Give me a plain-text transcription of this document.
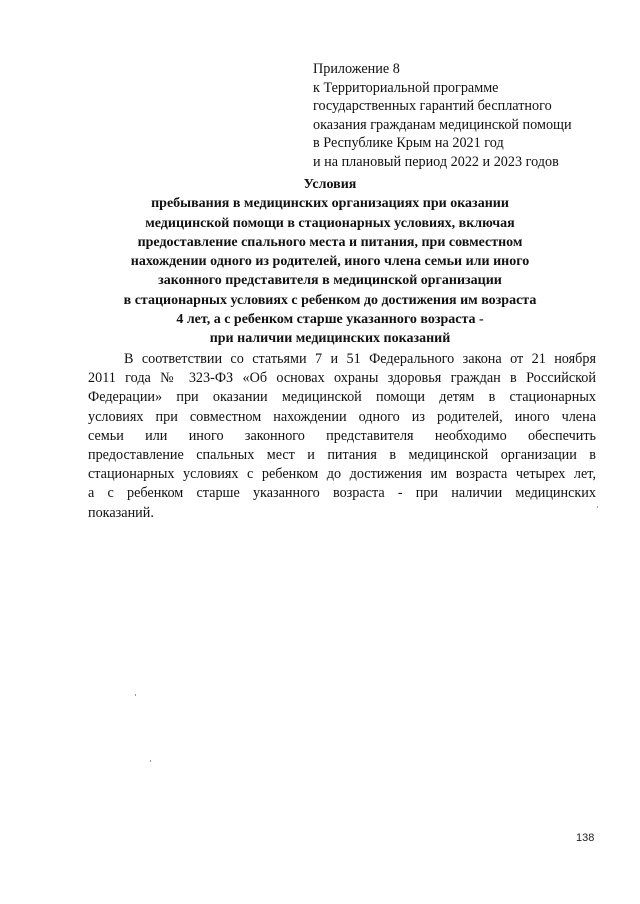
Приложение 8
к Территориальной программе
государственных гарантий бесплатного
оказания гражданам медицинской помощи
в Республике Крым на 2021 год
и на плановый период 2022 и 2023 годов
Условия
пребывания в медицинских организациях при оказании
медицинской помощи в стационарных условиях, включая
предоставление спального места и питания, при совместном
нахождении одного из родителей, иного члена семьи или иного
законного представителя в медицинской организации
в стационарных условиях с ребенком до достижения им возраста
4 лет, а с ребенком старше указанного возраста -
при наличии медицинских показаний
В соответствии со статьями 7 и 51 Федерального закона от 21 ноября
2011 года № 323-ФЗ «Об основах охраны здоровья граждан в Российской
Федерации» при оказании медицинской помощи детям в стационарных
условиях при совместном нахождении одного из родителей, иного члена
семьи или иного законного представителя необходимо обеспечить
предоставление спальных мест и питания в медицинской организации в
стационарных условиях с ребенком до достижения им возраста четырех лет,
а с ребенком старше указанного возраста - при наличии медицинских
показаний.
138
